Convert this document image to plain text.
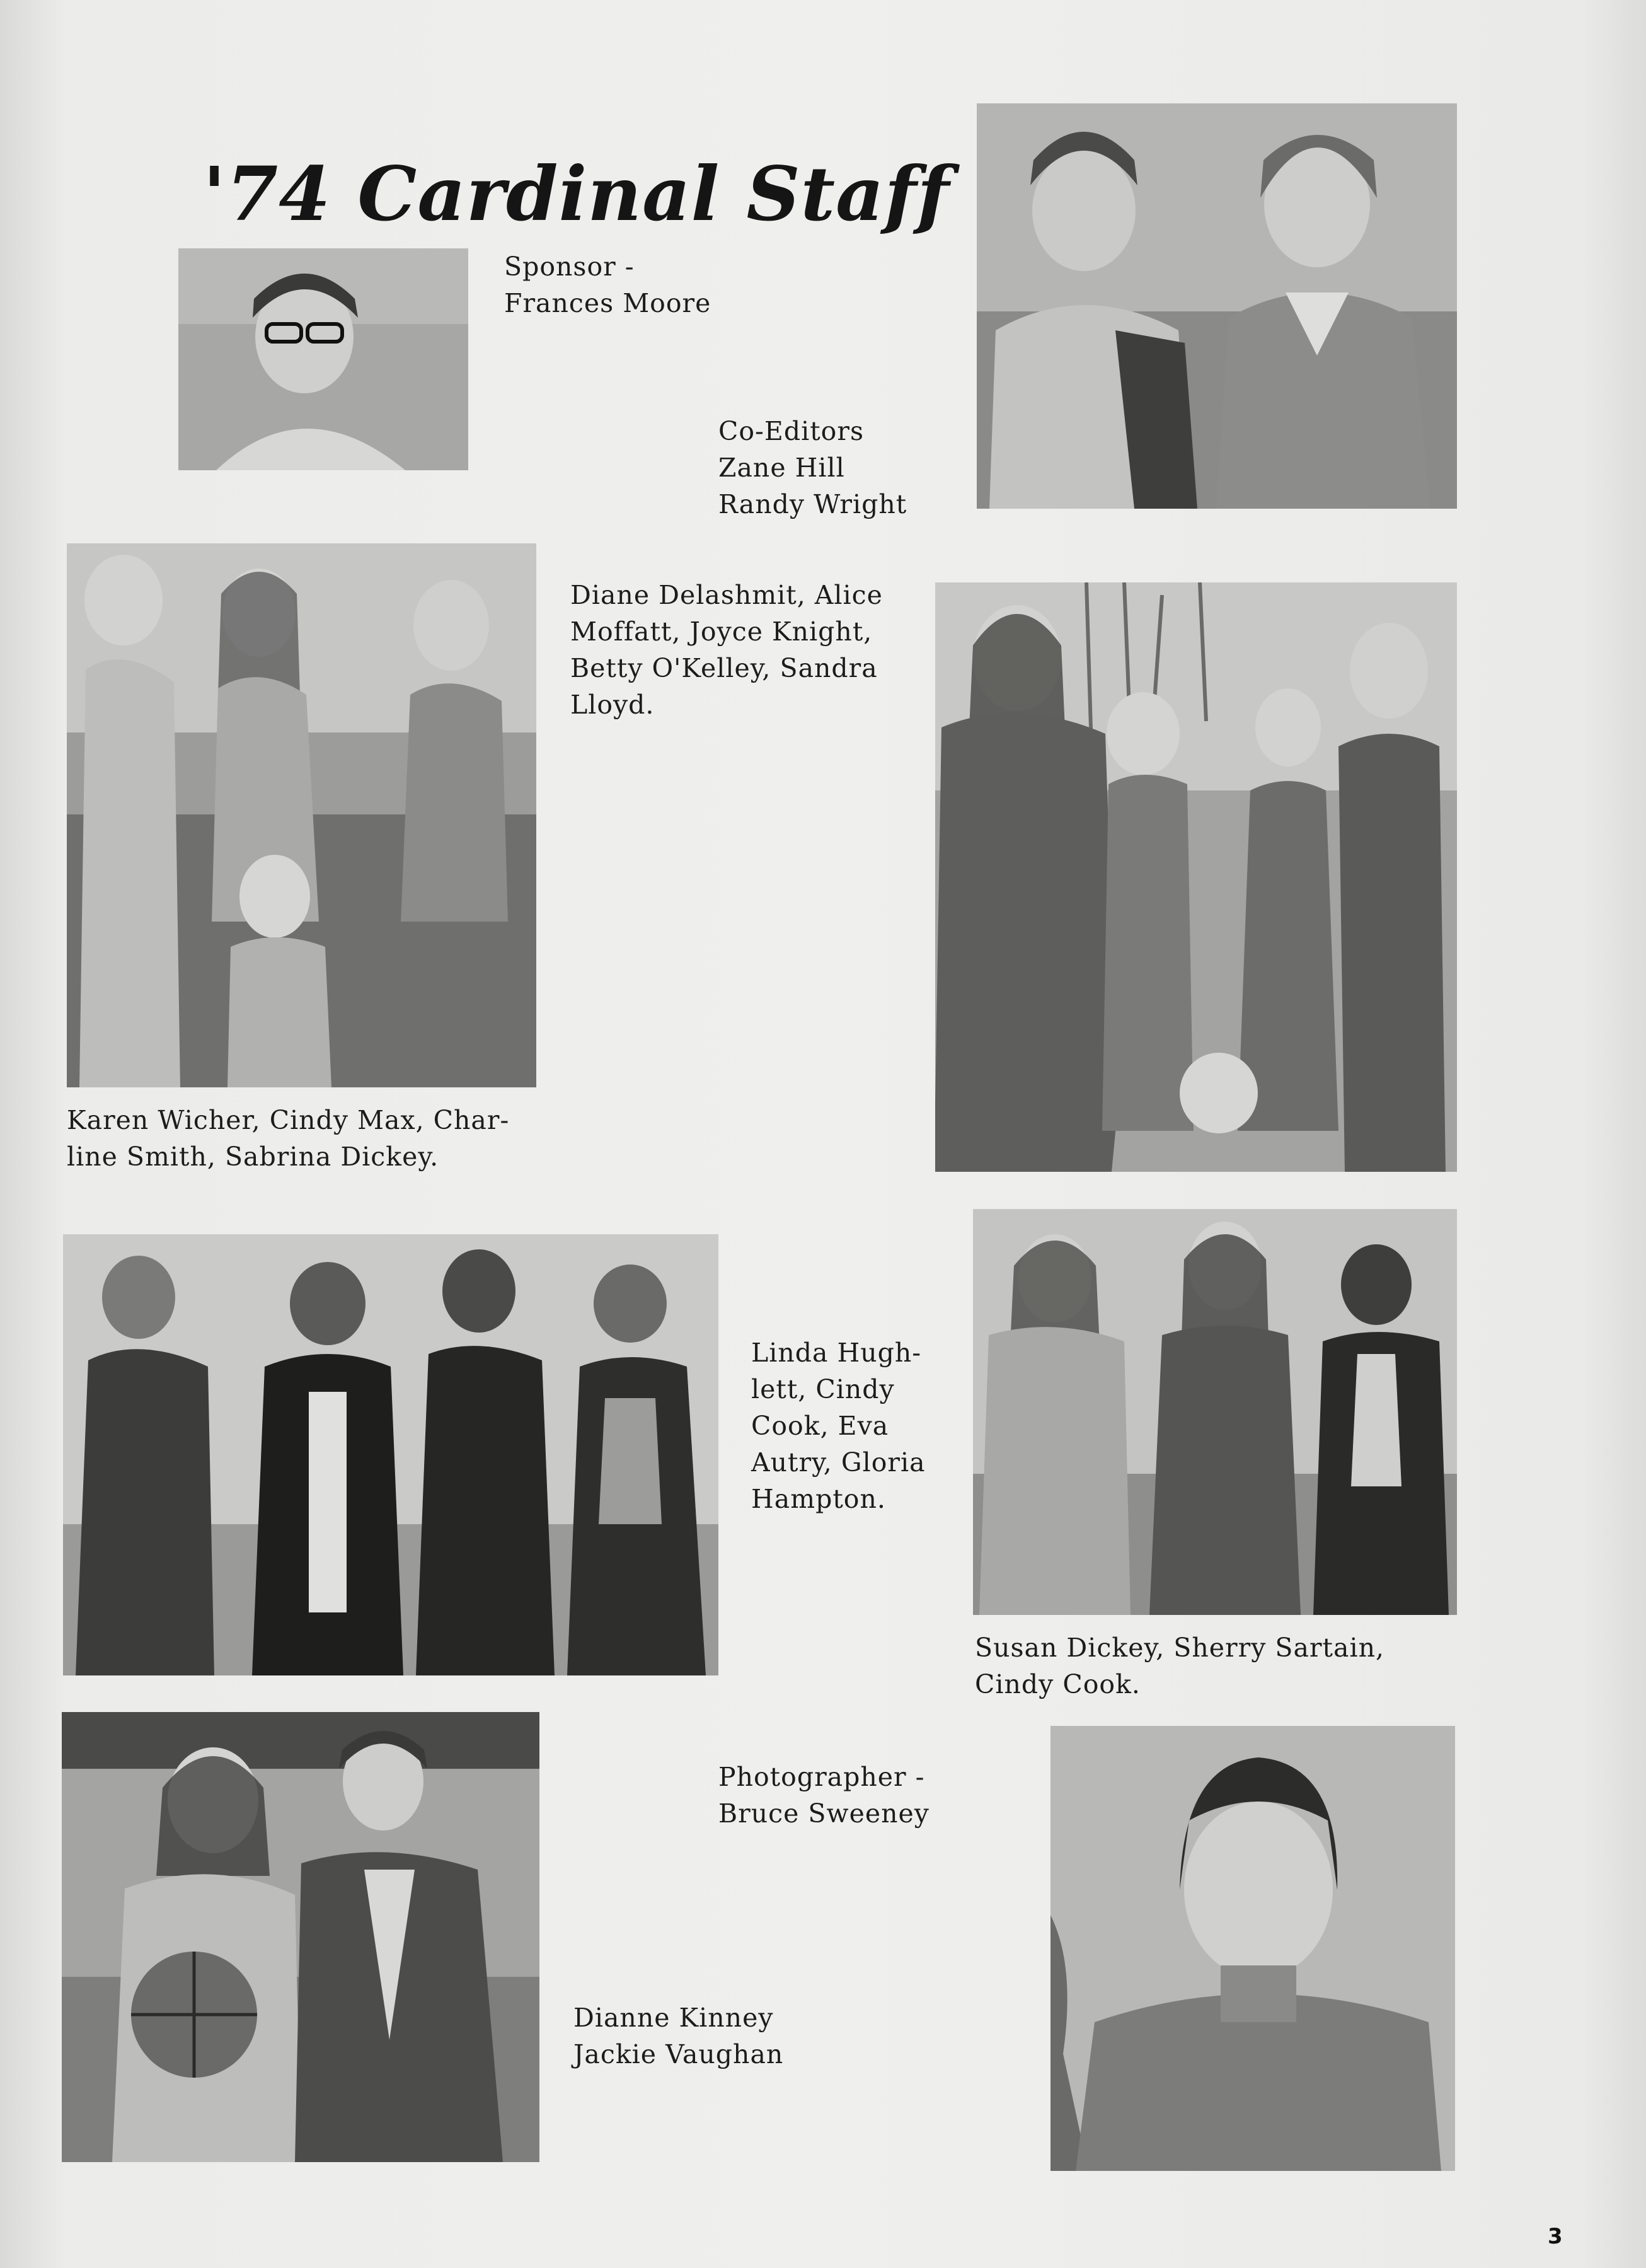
'74 Cardinal Staff
Sponsor -
Frances Moore
Co-Editors
Zane Hill
Randy Wright
Diane Delashmit, Alice
Moffatt, Joyce Knight,
Betty O'Kelley, Sandra
Lloyd.
Karen Wicher, Cindy Max, Char-
line Smith, Sabrina Dickey.
Linda Hugh-
lett, Cindy
Cook, Eva
Autry, Gloria
Hampton.
Susan Dickey, Sherry Sartain,
Cindy Cook.
Photographer -
Bruce Sweeney
Dianne Kinney
Jackie Vaughan
3
